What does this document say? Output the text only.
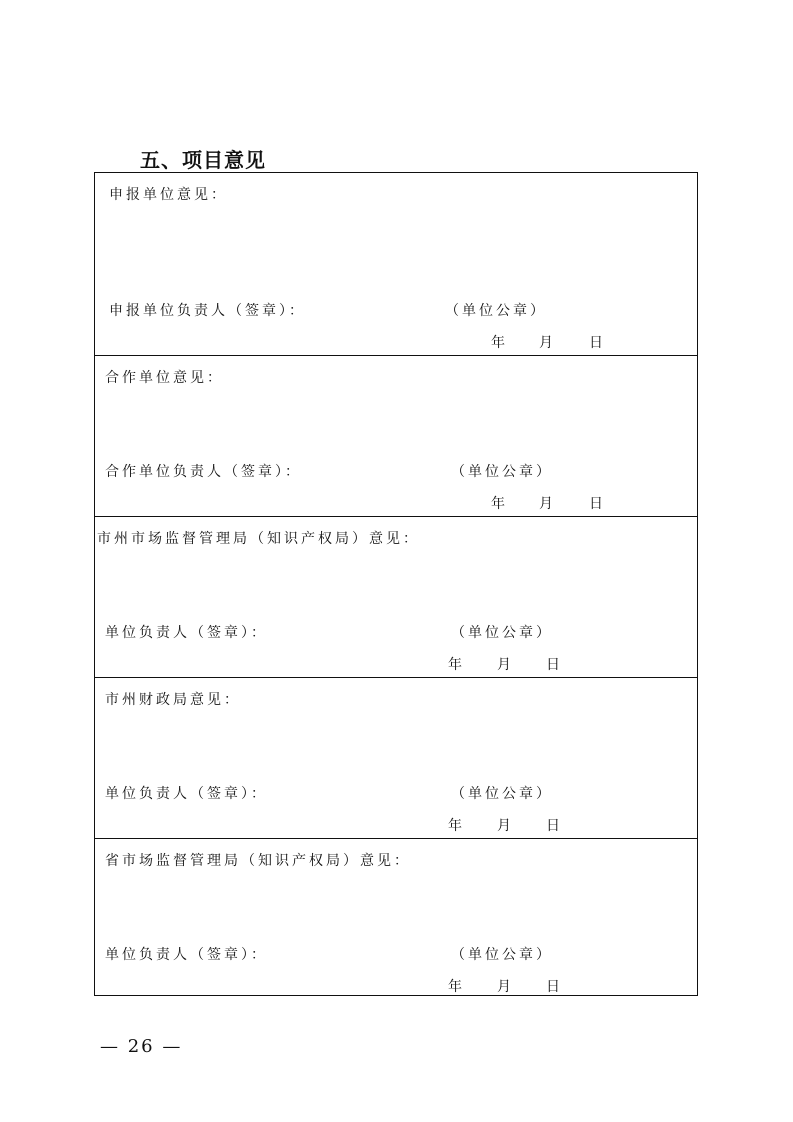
五、项目意见
申报单位意见：
申报单位负责人（签章）：	（单位公章）
年 月	日
合作单位意见：
合作单位负责人（签章）：	（单位公章）
年 月	日
市州市场监督管理局（知识产权局）意见：
单位负责人（签章）：	（单位公章）
年	月	日
市州财政局意见：
单位负责人（签章）：	（单位公章）
年	月	日
省市场监督管理局（知识产权局）意见：
单位负责人（签章）：	（单位公章）
年	月	日
— 26 —
